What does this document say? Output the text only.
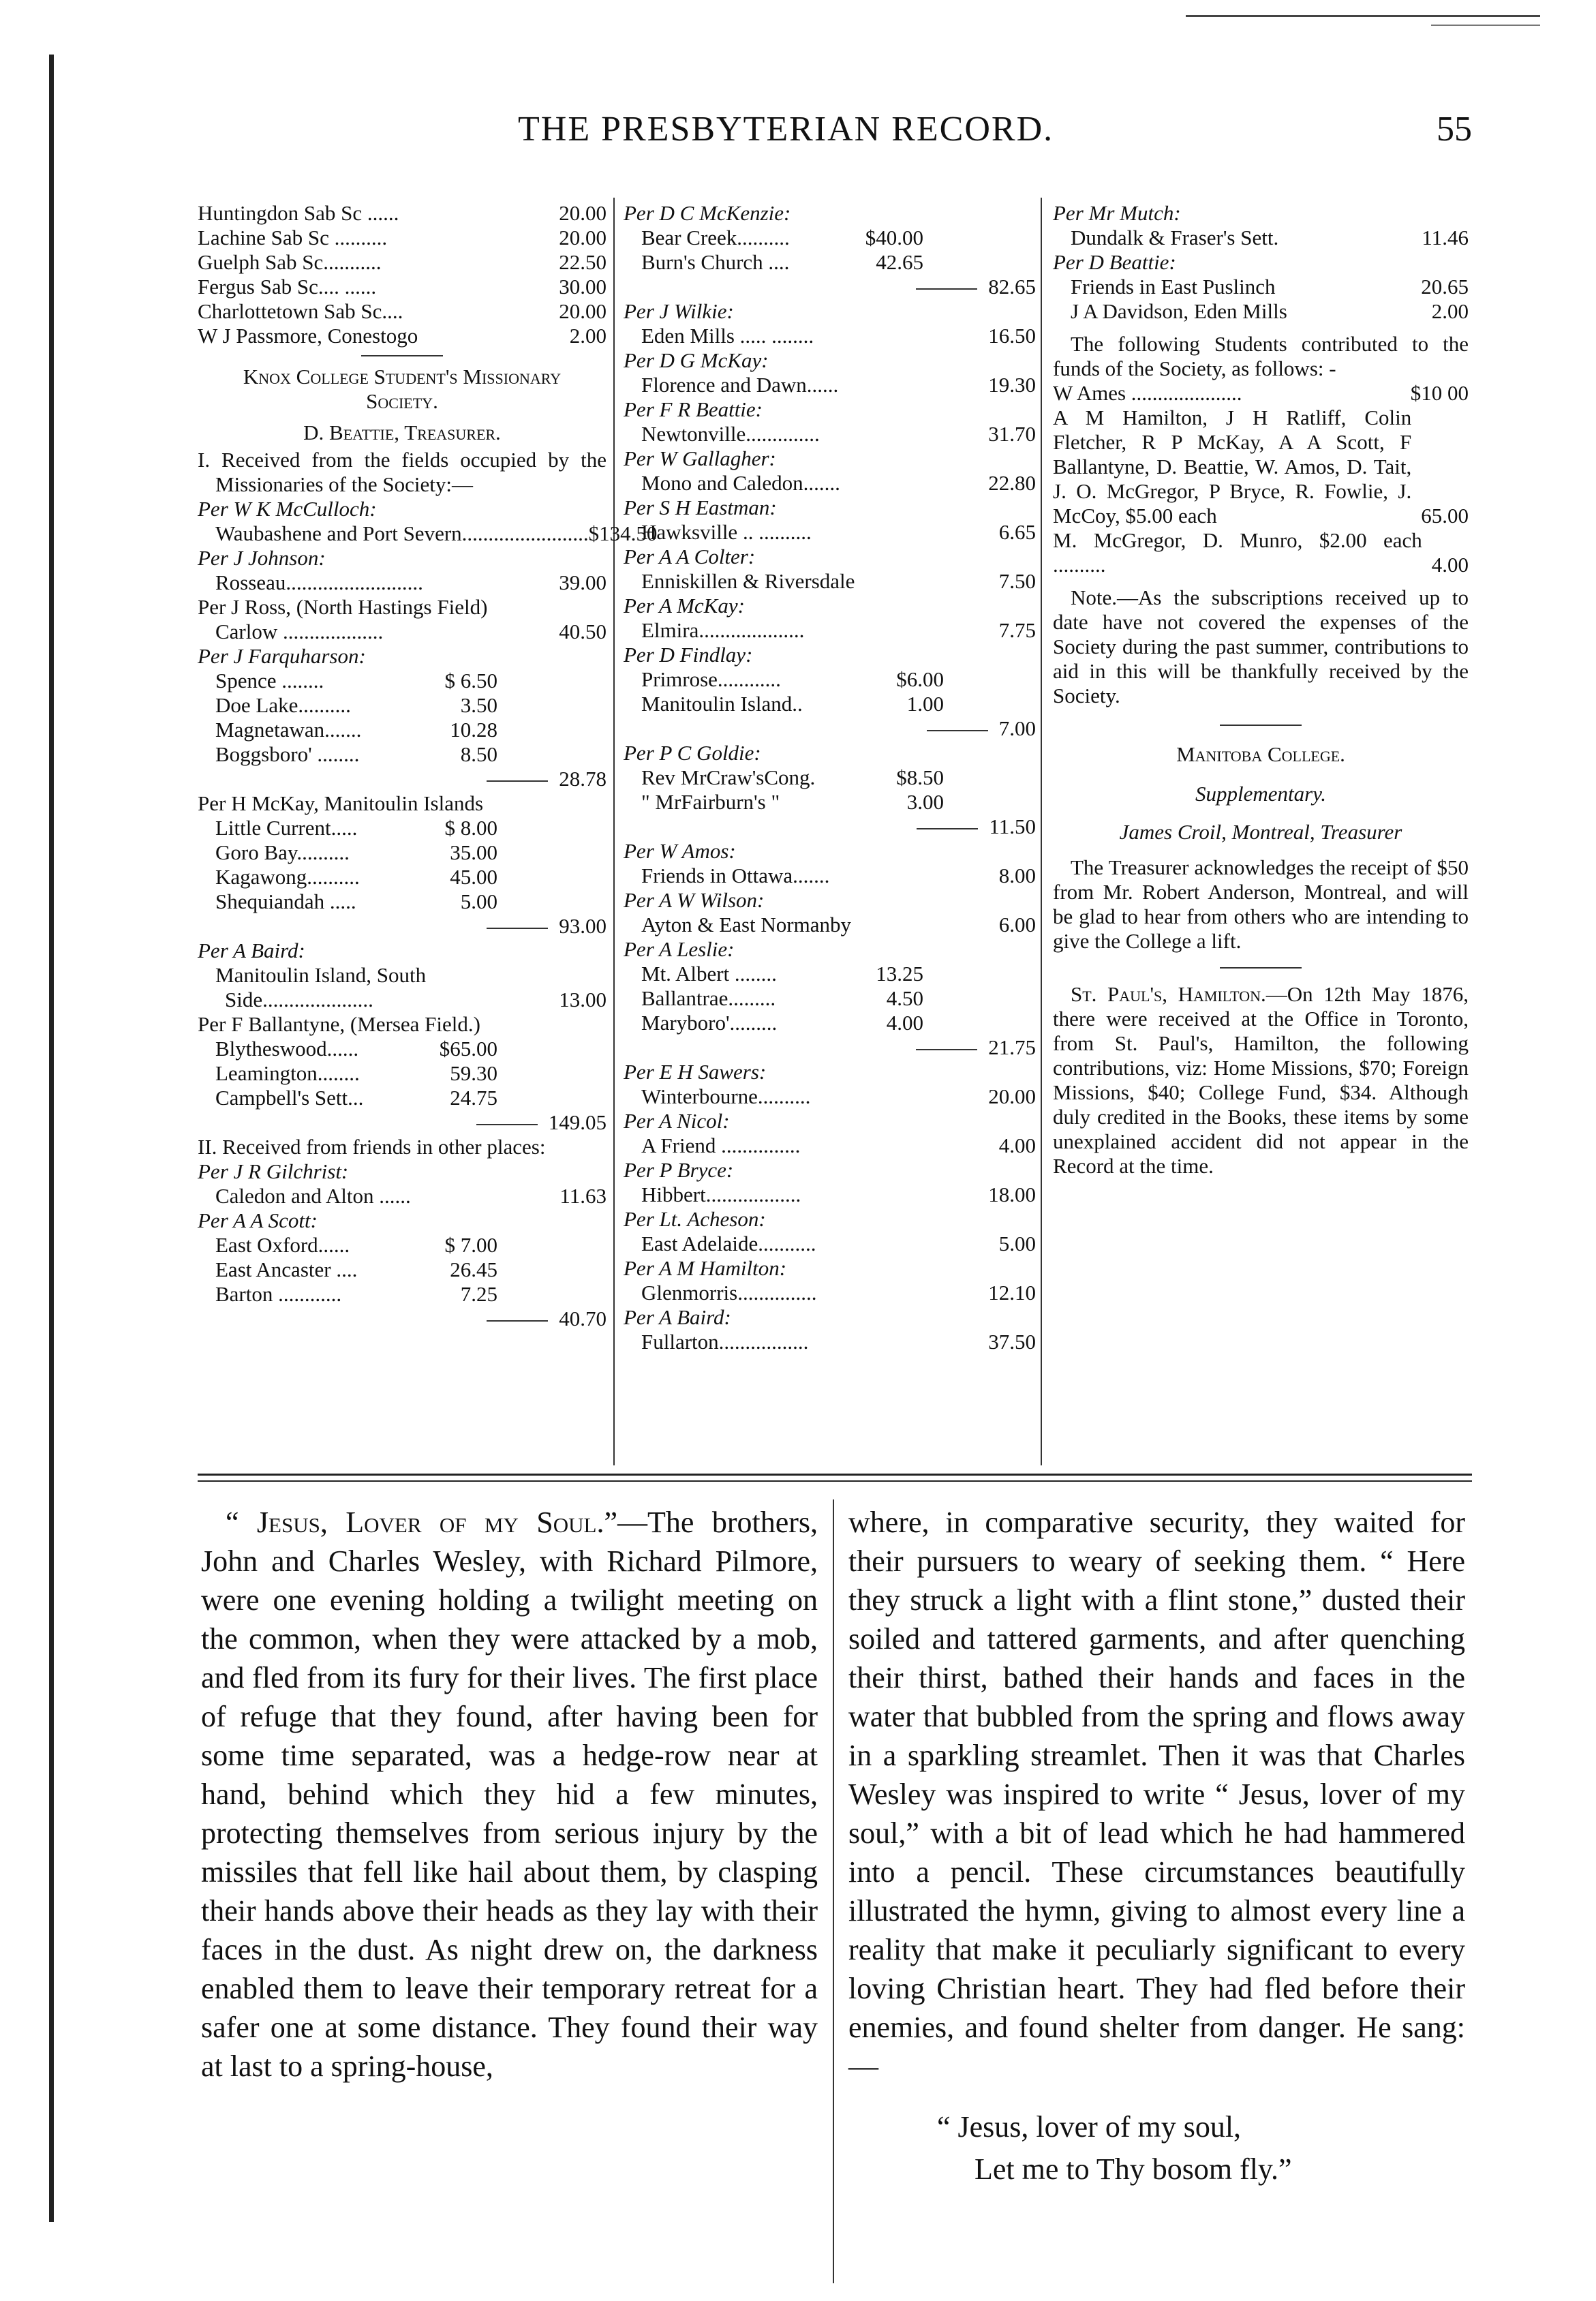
THE PRESBYTERIAN RECORD.	55
Huntingdon Sab Sc ......	20.00
Lachine Sab Sc ..........	20.00
Guelph Sab Sc...........	22.50
Fergus Sab Sc.... ......	30.00
Charlottetown Sab Sc....	20.00
W J Passmore, Conestogo	2.00
Knox College Student's Missionary Society.
D. Beattie, Treasurer.
I. Received from the fields occupied by the Missionaries of the Society:—
Per W K McCulloch:
Waubashene and Port Severn........................ $134.50
Per J Johnson:
Rosseau..........................	39.00
Per J Ross, (North Hastings Field)
Carlow ...................	40.50
Per J Farquharson:
Spence ........	$ 6.50
Doe Lake..........	3.50
Magnetawan.......	10.28
Boggsboro' ........	8.50
28.78
Per H McKay, Manitoulin Islands
Little Current.....	$ 8.00
Goro Bay..........	35.00
Kagawong..........	45.00
Shequiandah .....	5.00
93.00
Per A Baird:
Manitoulin Island, South
Side.....................	13.00
Per F Ballantyne, (Mersea Field.)
Blytheswood......	$65.00
Leamington........	59.30
Campbell's Sett...	24.75
149.05
II. Received from friends in other places:
Per J R Gilchrist:
Caledon and Alton ......	11.63
Per A A Scott:
East Oxford......	$ 7.00
East Ancaster ....	26.45
Barton ............	7.25
40.70
Per D C McKenzie:
Bear Creek..........	$40.00
Burn's Church ....	42.65
82.65
Per J Wilkie:
Eden Mills ..... ........	16.50
Per D G McKay:
Florence and Dawn......	19.30
Per F R Beattie:
Newtonville..............	31.70
Per W Gallagher:
Mono and Caledon.......	22.80
Per S H Eastman:
Hawksville .. ..........	6.65
Per A A Colter:
Enniskillen & Riversdale	7.50
Per A McKay:
Elmira....................	7.75
Per D Findlay:
Primrose............	$6.00
Manitoulin Island..	1.00
7.00
Per P C Goldie:
Rev MrCraw'sCong.	$8.50
" MrFairburn's "	3.00
11.50
Per W Amos:
Friends in Ottawa.......	8.00
Per A W Wilson:
Ayton & East Normanby	6.00
Per A Leslie:
Mt. Albert ........	13.25
Ballantrae.........	4.50
Maryboro'.........	4.00
21.75
Per E H Sawers:
Winterbourne..........	20.00
Per A Nicol:
A Friend ...............	4.00
Per P Bryce:
Hibbert..................	18.00
Per Lt. Acheson:
East Adelaide...........	5.00
Per A M Hamilton:
Glenmorris...............	12.10
Per A Baird:
Fullarton.................	37.50
Per Mr Mutch:
Dundalk & Fraser's Sett.	11.46
Per D Beattie:
Friends in East Puslinch	20.65
J A Davidson, Eden Mills	2.00
The following Students contributed to the funds of the Society, as follows: -
W Ames .....................	$10 00
A M Hamilton, J H Ratliff, Colin Fletcher, R P McKay, A A Scott, F Ballantyne, D. Beattie, W. Amos, D. Tait, J. O. McGregor, P Bryce, R. Fowlie, J. McCoy, $5.00 each	65.00
M. McGregor, D. Munro, $2.00 each ..........	4.00
Note.—As the subscriptions received up to date have not covered the expenses of the Society during the past summer, contributions to aid in this will be thankfully received by the Society.
Manitoba College.
Supplementary.
James Croil, Montreal, Treasurer
The Treasurer acknowledges the receipt of $50 from Mr. Robert Anderson, Montreal, and will be glad to hear from others who are intending to give the College a lift.
St. Paul's, Hamilton.—On 12th May 1876, there were received at the Office in Toronto, from St. Paul's, Hamilton, the following contributions, viz: Home Missions, $70; Foreign Missions, $40; College Fund, $34. Although duly credited in the Books, these items by some unexplained accident did not appear in the Record at the time.
“ Jesus, Lover of my Soul.”—The brothers, John and Charles Wesley, with Richard Pilmore, were one evening holding a twilight meeting on the common, when they were attacked by a mob, and fled from its fury for their lives. The first place of refuge that they found, after having been for some time separated, was a hedge-row near at hand, behind which they hid a few minutes, protecting themselves from serious injury by the missiles that fell like hail about them, by clasping their hands above their heads as they lay with their faces in the dust. As night drew on, the darkness enabled them to leave their temporary retreat for a safer one at some distance. They found their way at last to a spring-house,
where, in comparative security, they waited for their pursuers to weary of seeking them. “ Here they struck a light with a flint stone,” dusted their soiled and tattered garments, and after quenching their thirst, bathed their hands and faces in the water that bubbled from the spring and flows away in a sparkling streamlet. Then it was that Charles Wesley was inspired to write “ Jesus, lover of my soul,” with a bit of lead which he had hammered into a pencil. These circumstances beautifully illustrated the hymn, giving to almost every line a reality that make it peculiarly significant to every loving Christian heart. They had fled before their enemies, and found shelter from danger. He sang:—
“ Jesus, lover of my soul,
Let me to Thy bosom fly.”
